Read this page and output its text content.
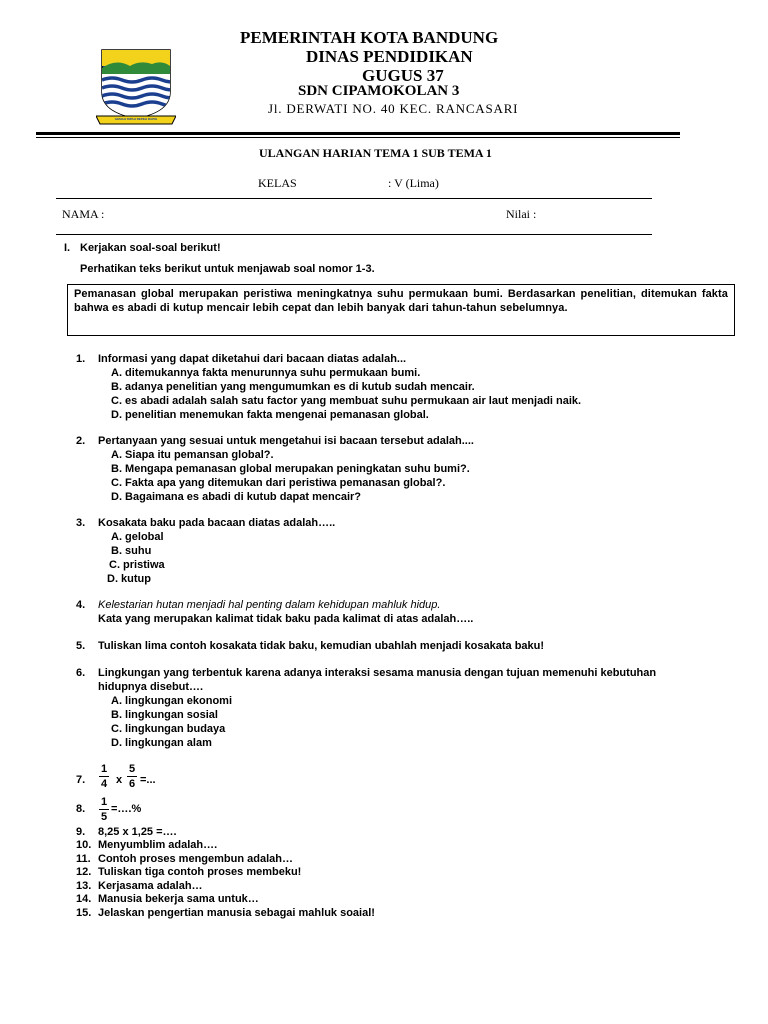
GEMAH RIPAH REPEH RAPIH
PEMERINTAH KOTA BANDUNG
DINAS PENDIDIKAN
GUGUS 37
SDN CIPAMOKOLAN 3
Jl. DERWATI NO. 40 KEC. RANCASARI
ULANGAN HARIAN TEMA 1 SUB TEMA 1
KELAS	: V (Lima)
NAMA :	Nilai :
I. Kerjakan soal-soal berikut!
Perhatikan teks berikut untuk menjawab soal nomor 1-3.
Pemanasan global merupakan peristiwa meningkatnya suhu permukaan bumi. Berdasarkan penelitian, ditemukan fakta bahwa es abadi di kutup mencair lebih cepat dan lebih banyak dari tahun-tahun sebelumnya.
1. Informasi yang dapat diketahui dari bacaan diatas adalah...
A. ditemukannya fakta menurunnya suhu permukaan bumi.
B. adanya penelitian yang mengumumkan es di kutub sudah mencair.
C. es abadi adalah salah satu factor yang membuat suhu permukaan air laut menjadi naik.
D. penelitian menemukan fakta mengenai pemanasan global.
2. Pertanyaan yang sesuai untuk mengetahui isi bacaan tersebut adalah....
A. Siapa itu pemansan global?.
B. Mengapa pemanasan global merupakan peningkatan suhu bumi?.
C. Fakta apa yang ditemukan dari peristiwa pemanasan global?.
D. Bagaimana es abadi di kutub dapat mencair?
3. Kosakata baku pada bacaan diatas adalah…..
A. gelobal
B. suhu
C. pristiwa
D. kutup
4. Kelestarian hutan menjadi hal penting dalam kehidupan mahluk hidup.
Kata yang merupakan kalimat tidak baku pada kalimat di atas adalah…..
5. Tuliskan lima contoh kosakata tidak baku, kemudian ubahlah menjadi kosakata baku!
6. Lingkungan yang terbentuk karena adanya interaksi sesama manusia dengan tujuan memenuhi kebutuhan
hidupnya disebut….
A. lingkungan ekonomi
B. lingkungan sosial
C. lingkungan budaya
D. lingkungan alam
7.
1
4 x
5
6 =...
8.
1
5
=….%
9. 8,25 x 1,25 =….
10. Menyumblim adalah….
11. Contoh proses mengembun adalah…
12. Tuliskan tiga contoh proses membeku!
13. Kerjasama adalah…
14. Manusia bekerja sama untuk…
15. Jelaskan pengertian manusia sebagai mahluk soaial!
